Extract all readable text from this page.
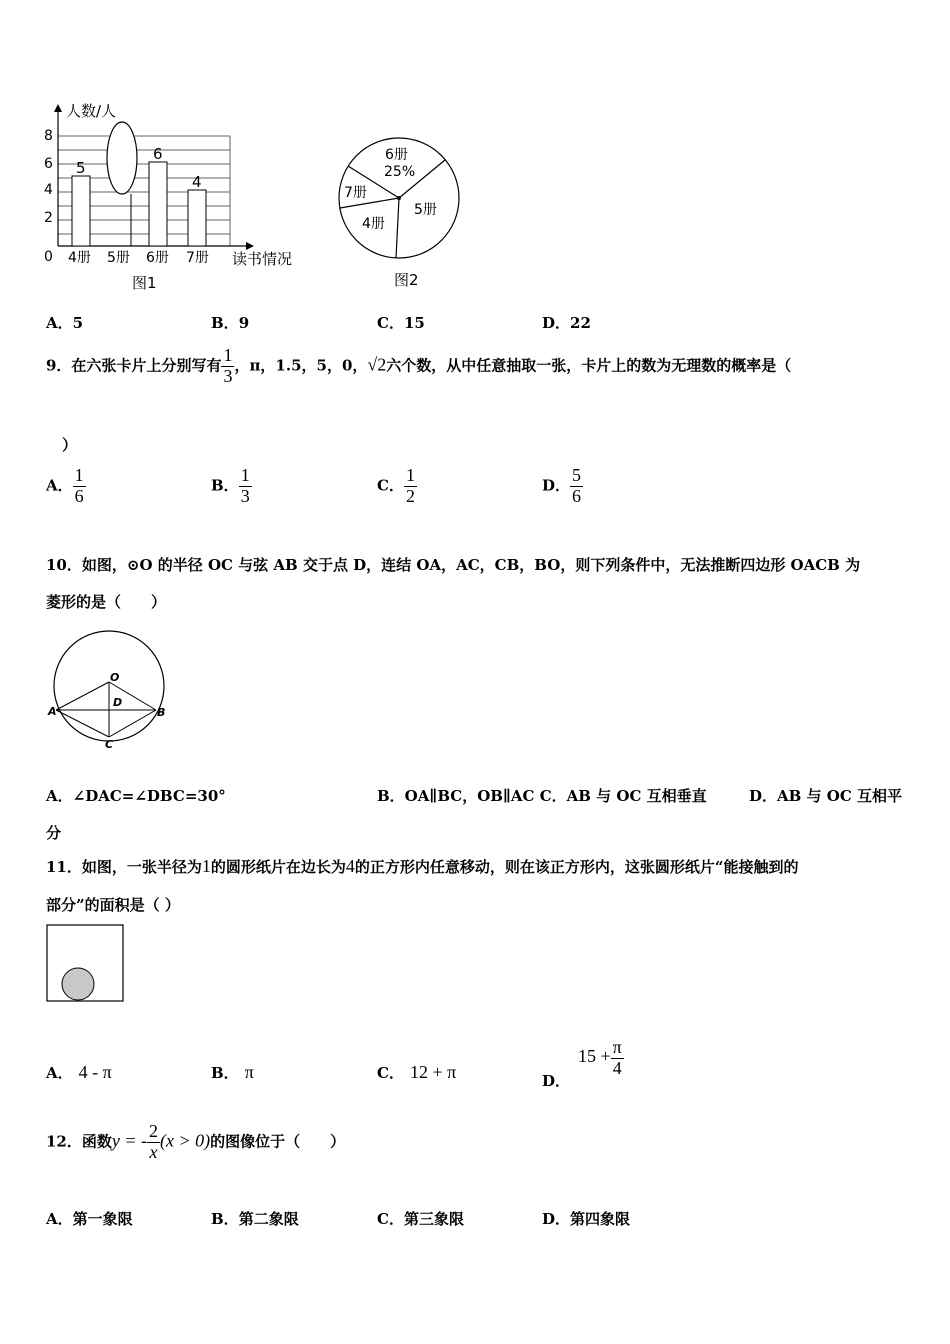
人数/人
0
2
4
6
8
5
6
4
4册 5册 6册 7册 读书情况
图1
6册
25%
5册
4册
7册
图2
A．5	B．9	C．15	D．22
9．在六张卡片上分别写有 $\frac{1}{3}$ ，π，1.5，5，0，√2六个数，从中任意抽取一张，卡片上的数为无理数的概率是（
）
A． $\frac{1}{6}$	B． $\frac{1}{3}$	C． $\frac{1}{2}$	D． $\frac{5}{6}$
10．如图，⊙O 的半径 OC 与弦 AB 交于点 D，连结 OA，AC，CB，BO，则下列条件中，无法推断四边形 OACB 为
菱形的是（　　）
O
D
A	B
C
A．∠DAC=∠DBC=30°	B．OA∥BC，OB∥AC C．AB 与 OC 互相垂直	D．AB 与 OC 互相平
分
11．如图，一张半径为1的圆形纸片在边长为4的正方形内任意移动，则在该正方形内，这张圆形纸片“能接触到的
部分”的面积是（ ）
A． 4 - π	B． π	C． 12 + π	D．$15 + \frac{\pi}{4}$
12．函数y = - $\frac{2}{x} (x > 0)$的图像位于（　　）
A．第一象限	B．第二象限	C．第三象限	D．第四象限
